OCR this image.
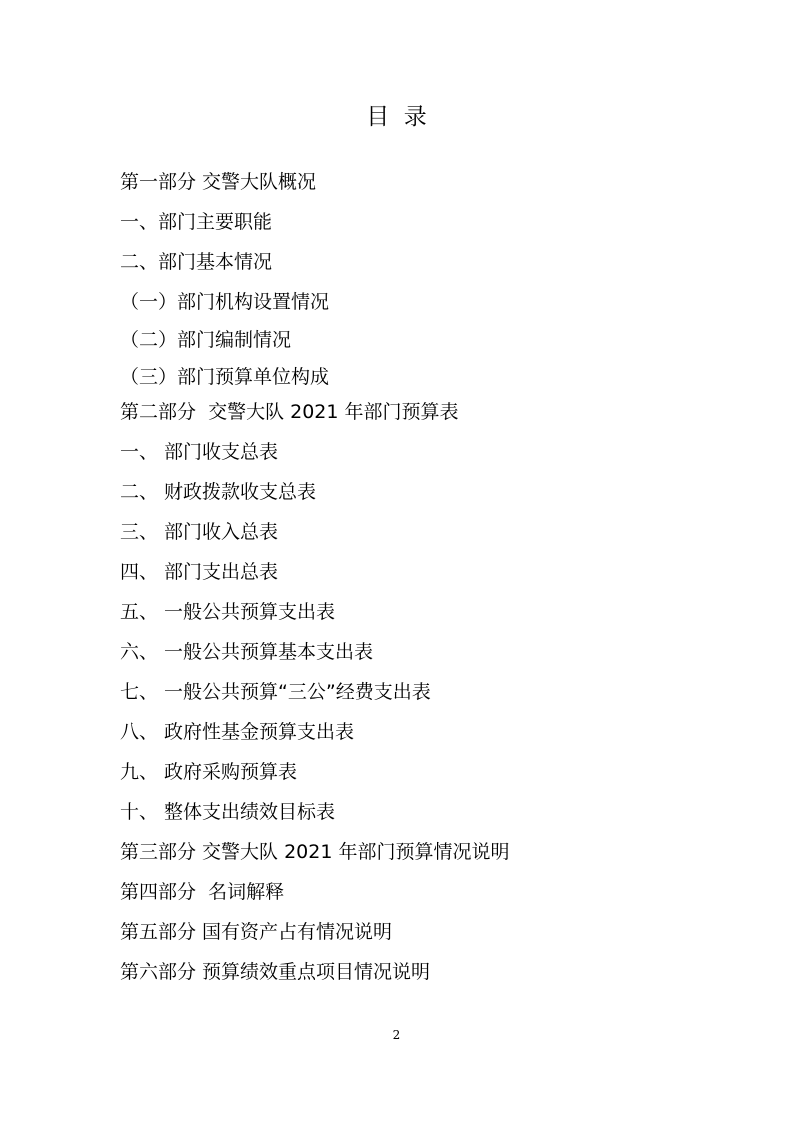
目  录
第一部分 交警大队概况
一、部门主要职能
二、部门基本情况
（一）部门机构设置情况
（二）部门编制情况
（三）部门预算单位构成
第二部分  交警大队 2021 年部门预算表
一、 部门收支总表
二、 财政拨款收支总表
三、 部门收入总表
四、 部门支出总表
五、 一般公共预算支出表
六、 一般公共预算基本支出表
七、 一般公共预算“三公”经费支出表
八、 政府性基金预算支出表
九、 政府采购预算表
十、 整体支出绩效目标表
第三部分 交警大队 2021 年部门预算情况说明
第四部分  名词解释
第五部分 国有资产占有情况说明
第六部分 预算绩效重点项目情况说明
2
